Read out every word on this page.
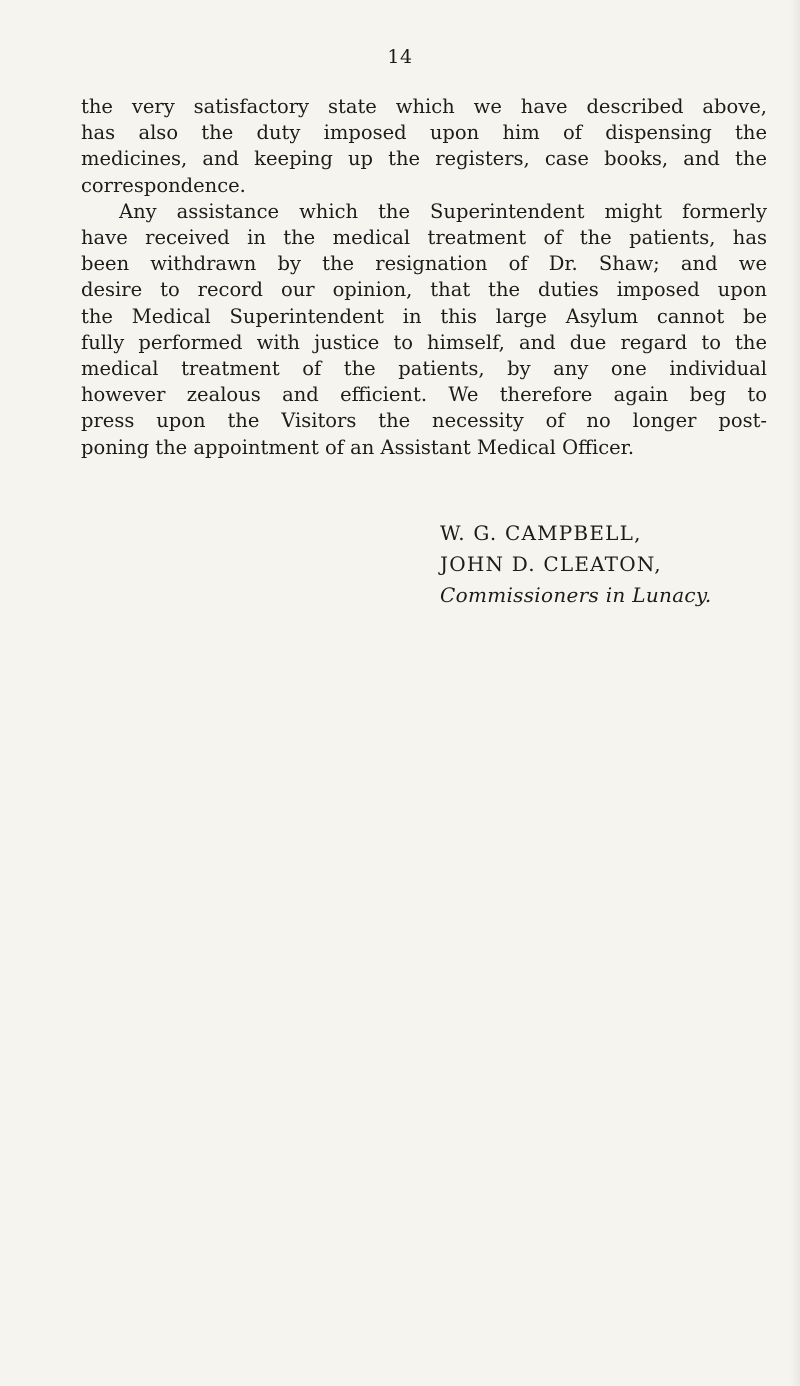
14
the very satisfactory state which we have described above,
has also the duty imposed upon him of dispensing the
medicines, and keeping up the registers, case books, and the
correspondence.
Any assistance which the Superintendent might formerly
have received in the medical treatment of the patients, has
been withdrawn by the resignation of Dr. Shaw; and we
desire to record our opinion, that the duties imposed upon
the Medical Superintendent in this large Asylum cannot be
fully performed with justice to himself, and due regard to the
medical treatment of the patients, by any one individual
however zealous and efficient. We therefore again beg to
press upon the Visitors the necessity of no longer post-
poning the appointment of an Assistant Medical Officer.
W. G. CAMPBELL,
JOHN D. CLEATON,
Commissioners in Lunacy.
